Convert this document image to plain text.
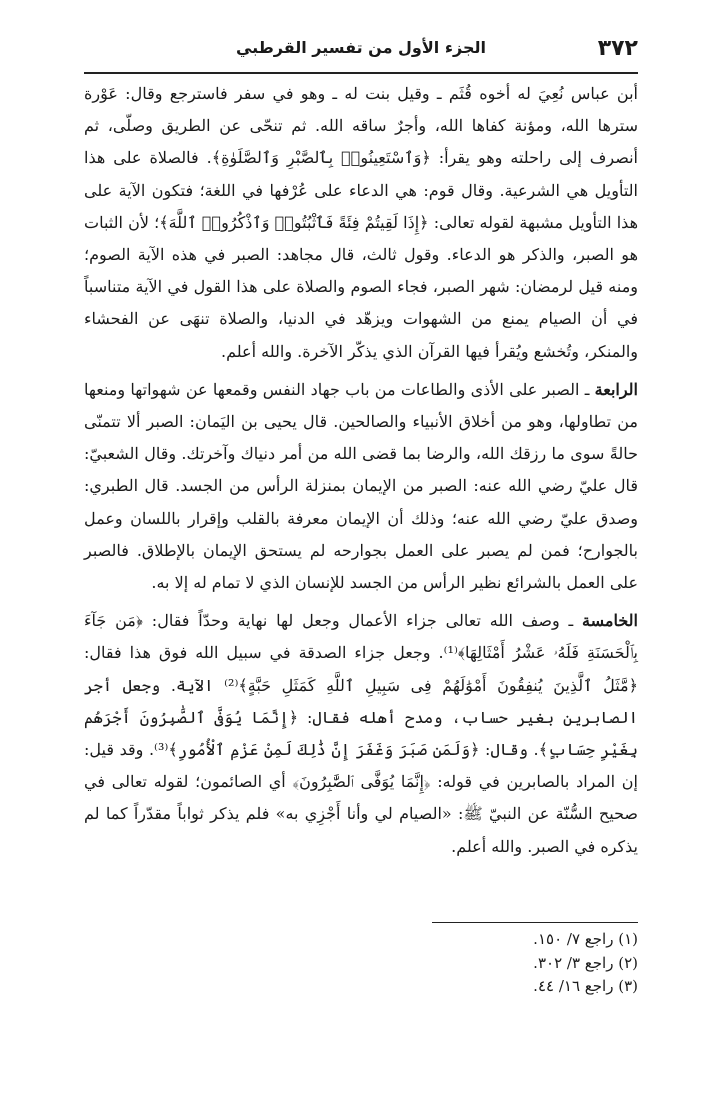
٣٧٢
الجزء الأول من تفسير القرطبي

أبن عباس نُعِيَ له أخوه قُثَم ـ وقيل بنت له ـ وهو في سفر فاسترجع وقال: عَوْرة سترها الله، ومؤنة كفاها الله، وأجرٌ ساقه الله. ثم تنحّى عن الطريق وصلّى، ثم أنصرف إلى راحلته وهو يقرأ: ﴿وَٱسْتَعِينُوا۟ بِٱلصَّبْرِ وَٱلصَّلَوٰةِ﴾. فالصلاة على هذا التأويل هي الشرعية. وقال قوم: هي الدعاء على عُرْفها في اللغة؛ فتكون الآية على هذا التأويل مشبهة لقوله تعالى: ﴿إِذَا لَقِيتُمْ فِئَةً فَٱثْبُتُوا۟ وَٱذْكُرُوا۟ ٱللَّهَ﴾؛ لأن الثبات هو الصبر، والذكر هو الدعاء. وقول ثالث، قال مجاهد: الصبر في هذه الآية الصوم؛ ومنه قيل لرمضان: شهر الصبر، فجاء الصوم والصلاة على هذا القول في الآية متناسباً في أن الصيام يمنع من الشهوات ويزهّد في الدنيا، والصلاة تنهَى عن الفحشاء والمنكر، وتُخشع ويُقرأ فيها القرآن الذي يذكّر الآخرة. والله أعلم.

الرابعة ـ الصبر على الأذى والطاعات من باب جهاد النفس وقمعها عن شهواتها ومنعها من تطاولها، وهو من أخلاق الأنبياء والصالحين. قال يحيى بن اليَمان: الصبر ألا تتمنّى حالةً سوى ما رزقك الله، والرضا بما قضى الله من أمر دنياك وآخرتك. وقال الشعبيّ: قال عليّ رضي الله عنه: الصبر من الإيمان بمنزلة الرأس من الجسد. قال الطبري: وصدق عليّ رضي الله عنه؛ وذلك أن الإيمان معرفة بالقلب وإقرار باللسان وعمل بالجوارح؛ فمن لم يصبر على العمل بجوارحه لم يستحق الإيمان بالإطلاق. فالصبر على العمل بالشرائع نظير الرأس من الجسد للإنسان الذي لا تمام له إلا به.

الخامسة ـ وصف الله تعالى جزاء الأعمال وجعل لها نهاية وحدّاً فقال: ﴿مَن جَآءَ بِٱلْحَسَنَةِ فَلَهُۥ عَشْرُ أَمْثَالِهَا﴾⁽¹⁾. وجعل جزاء الصدقة في سبيل الله فوق هذا فقال: ﴿مَّثَلُ ٱلَّذِينَ يُنفِقُونَ أَمْوَٰلَهُمْ فِى سَبِيلِ ٱللَّهِ كَمَثَلِ حَبَّةٍ﴾⁽²⁾ الآية. وجعل أجر الصابرين بغير حساب، ومدح أهله فقال: ﴿إِنَّمَا يُوَفَّى ٱلصَّٰبِرُونَ أَجْرَهُم بِغَيْرِ حِسَابٍ﴾. وقال: ﴿وَلَمَن صَبَرَ وَغَفَرَ إِنَّ ذَٰلِكَ لَمِنْ عَزْمِ ٱلْأُمُورِ﴾⁽³⁾. وقد قيل: إن المراد بالصابرين في قوله: ﴿إِنَّمَا يُوَفَّى ٱلصَّٰبِرُونَ﴾ أي الصائمون؛ لقوله تعالى في صحيح السُّنّة عن النبيّ ﷺ: «الصيام لي وأنا أَجْزِي به» فلم يذكر ثواباً مقدّراً كما لم يذكره في الصبر. والله أعلم.

(١) راجع ٧/ ١٥٠.

(٢) راجع ٣/ ٣٠٢.

(٣) راجع ١٦/ ٤٤.
